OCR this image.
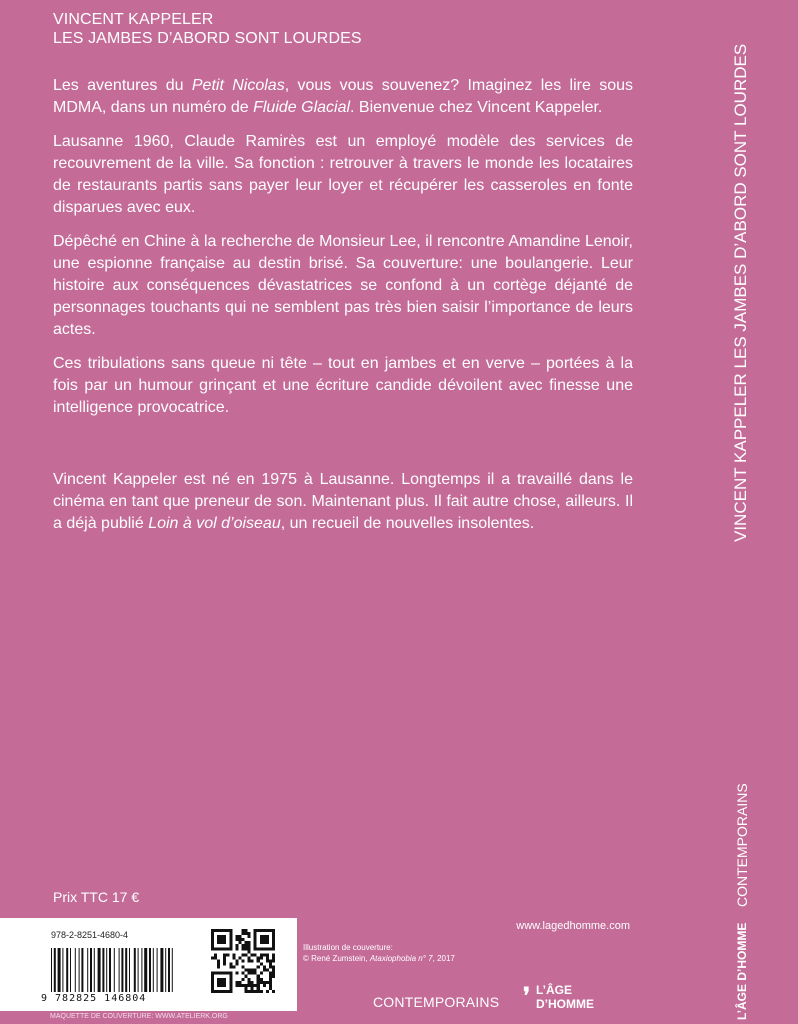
VINCENT KAPPELER
LES JAMBES D’ABORD SONT LOURDES

Les aventures du Petit Nicolas, vous vous souvenez? Imaginez les lire sous MDMA, dans un numéro de Fluide Glacial. Bienvenue chez Vincent Kappeler.

Lausanne 1960, Claude Ramirès est un employé modèle des services de recouvrement de la ville. Sa fonction : retrouver à travers le monde les locataires de restaurants partis sans payer leur loyer et récupérer les casseroles en fonte disparues avec eux.

Dépêché en Chine à la recherche de Monsieur Lee, il rencontre Amandine Lenoir, une espionne française au destin brisé. Sa couverture: une boulangerie. Leur histoire aux conséquences dévastatrices se confond à un cortège déjanté de personnages touchants qui ne semblent pas très bien saisir l’importance de leurs actes.

Ces tribulations sans queue ni tête – tout en jambes et en verve – portées à la fois par un humour grinçant et une écriture candide dévoilent avec finesse une intelligence provocatrice.

Vincent Kappeler est né en 1975 à Lausanne. Longtemps il a travaillé dans le cinéma en tant que preneur de son. Maintenant plus. Il fait autre chose, ailleurs. Il a déjà publié Loin à vol d’oiseau, un recueil de nouvelles insolentes.

Prix TTC 17 €
www.lagedhomme.com
978-2-8251-4680-4
9 782825 146804
MAQUETTE DE COUVERTURE: WWW.ATELIERK.ORG
Illustration de couverture:
© René Zumstein, Ataxiophobia n° 7, 2017
CONTEMPORAINS ❜ L’ÂGE
D’HOMME
VINCENT KAPPELER LES JAMBES D’ABORD SONT LOURDES
CONTEMPORAINS
L’ÂGE D’HOMME
